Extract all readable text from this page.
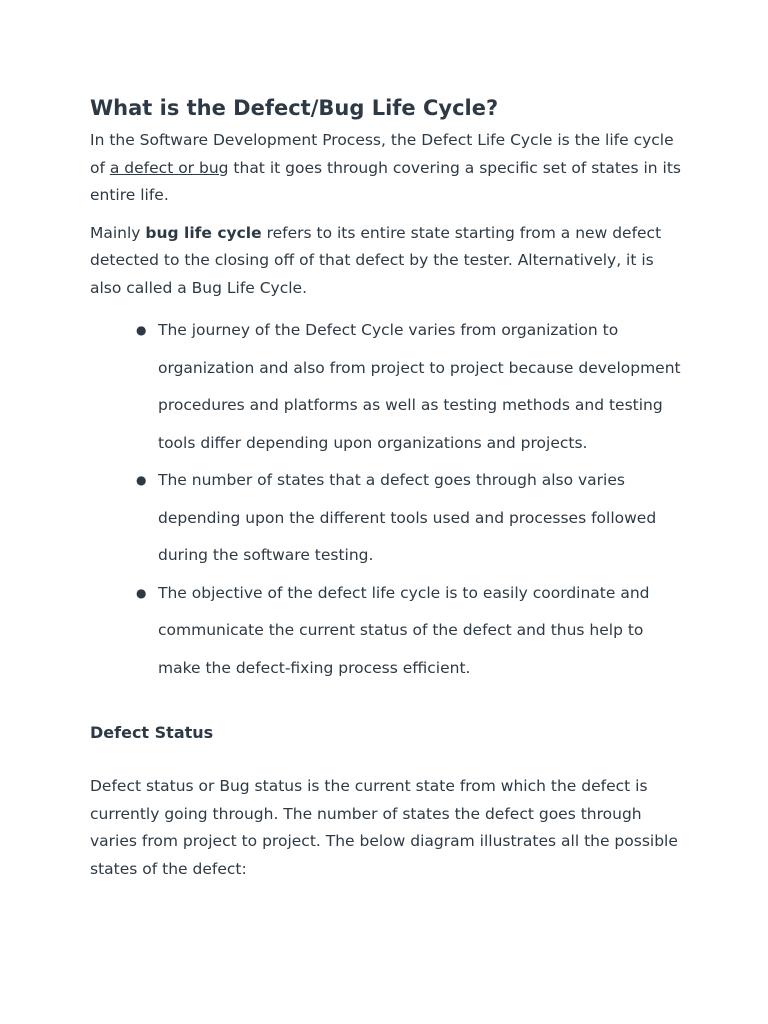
What is the Defect/Bug Life Cycle?

In the Software Development Process, the Defect Life Cycle is the life cycle of a defect or bug that it goes through covering a specific set of states in its entire life.

Mainly bug life cycle refers to its entire state starting from a new defect detected to the closing off of that defect by the tester. Alternatively, it is also called a Bug Life Cycle.

● The journey of the Defect Cycle varies from organization to organization and also from project to project because development procedures and platforms as well as testing methods and testing tools differ depending upon organizations and projects.
● The number of states that a defect goes through also varies depending upon the different tools used and processes followed during the software testing.
● The objective of the defect life cycle is to easily coordinate and communicate the current status of the defect and thus help to make the defect-fixing process efficient.
Defect Status

Defect status or Bug status is the current state from which the defect is currently going through. The number of states the defect goes through varies from project to project. The below diagram illustrates all the possible states of the defect:
